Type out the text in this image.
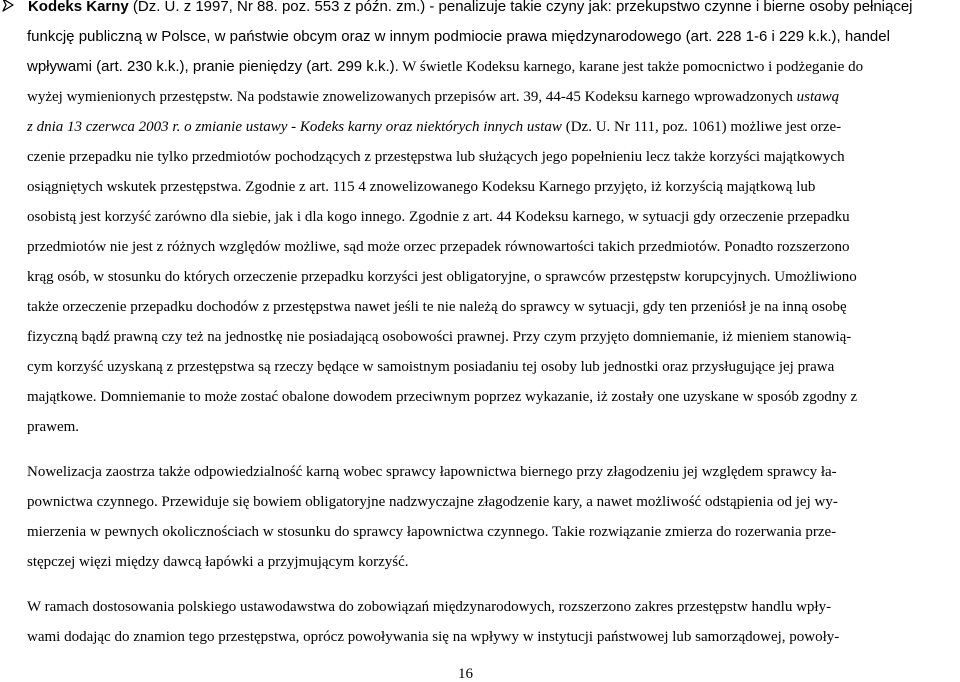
Kodeks Karny (Dz. U. z 1997, Nr 88. poz. 553 z późn. zm.) - penalizuje takie czyny jak: przekupstwo czynne i bierne osoby pełniącej
funkcję publiczną w Polsce, w państwie obcym oraz w innym podmiocie prawa międzynarodowego (art. 228 1-6 i 229 k.k.), handel
wpływami (art. 230 k.k.), pranie pieniędzy (art. 299 k.k.). W świetle Kodeksu karnego, karane jest także pomocnictwo i podżeganie do
wyżej wymienionych przestępstw. Na podstawie znowelizowanych przepisów art. 39, 44-45 Kodeksu karnego wprowadzonych ustawą
z dnia 13 czerwca 2003 r. o zmianie ustawy - Kodeks karny oraz niektórych innych ustaw (Dz. U. Nr 111, poz. 1061) możliwe jest orze-
czenie przepadku nie tylko przedmiotów pochodzących z przestępstwa lub służących jego popełnieniu lecz także korzyści majątkowych
osiągniętych wskutek przestępstwa. Zgodnie z art. 115 4 znowelizowanego Kodeksu Karnego przyjęto, iż korzyścią majątkową lub
osobistą jest korzyść zarówno dla siebie, jak i dla kogo innego. Zgodnie z art. 44 Kodeksu karnego, w sytuacji gdy orzeczenie przepadku
przedmiotów nie jest z różnych względów możliwe, sąd może orzec przepadek równowartości takich przedmiotów. Ponadto rozszerzono
krąg osób, w stosunku do których orzeczenie przepadku korzyści jest obligatoryjne, o sprawców przestępstw korupcyjnych. Umożliwiono
także orzeczenie przepadku dochodów z przestępstwa nawet jeśli te nie należą do sprawcy w sytuacji, gdy ten przeniósł je na inną osobę
fizyczną bądź prawną czy też na jednostkę nie posiadającą osobowości prawnej. Przy czym przyjęto domniemanie, iż mieniem stanowią-
cym korzyść uzyskaną z przestępstwa są rzeczy będące w samoistnym posiadaniu tej osoby lub jednostki oraz przysługujące jej prawa
majątkowe. Domniemanie to może zostać obalone dowodem przeciwnym poprzez wykazanie, iż zostały one uzyskane w sposób zgodny z
prawem.
Nowelizacja zaostrza także odpowiedzialność karną wobec sprawcy łapownictwa biernego przy złagodzeniu jej względem sprawcy ła-
pownictwa czynnego. Przewiduje się bowiem obligatoryjne nadzwyczajne złagodzenie kary, a nawet możliwość odstąpienia od jej wy-
mierzenia w pewnych okolicznościach w stosunku do sprawcy łapownictwa czynnego. Takie rozwiązanie zmierza do rozerwania prze-
stępczej więzi między dawcą łapówki a przyjmującym korzyść.
W ramach dostosowania polskiego ustawodawstwa do zobowiązań międzynarodowych, rozszerzono zakres przestępstw handlu wpły-
wami dodając do znamion tego przestępstwa, oprócz powoływania się na wpływy w instytucji państwowej lub samorządowej, powoły-
16
